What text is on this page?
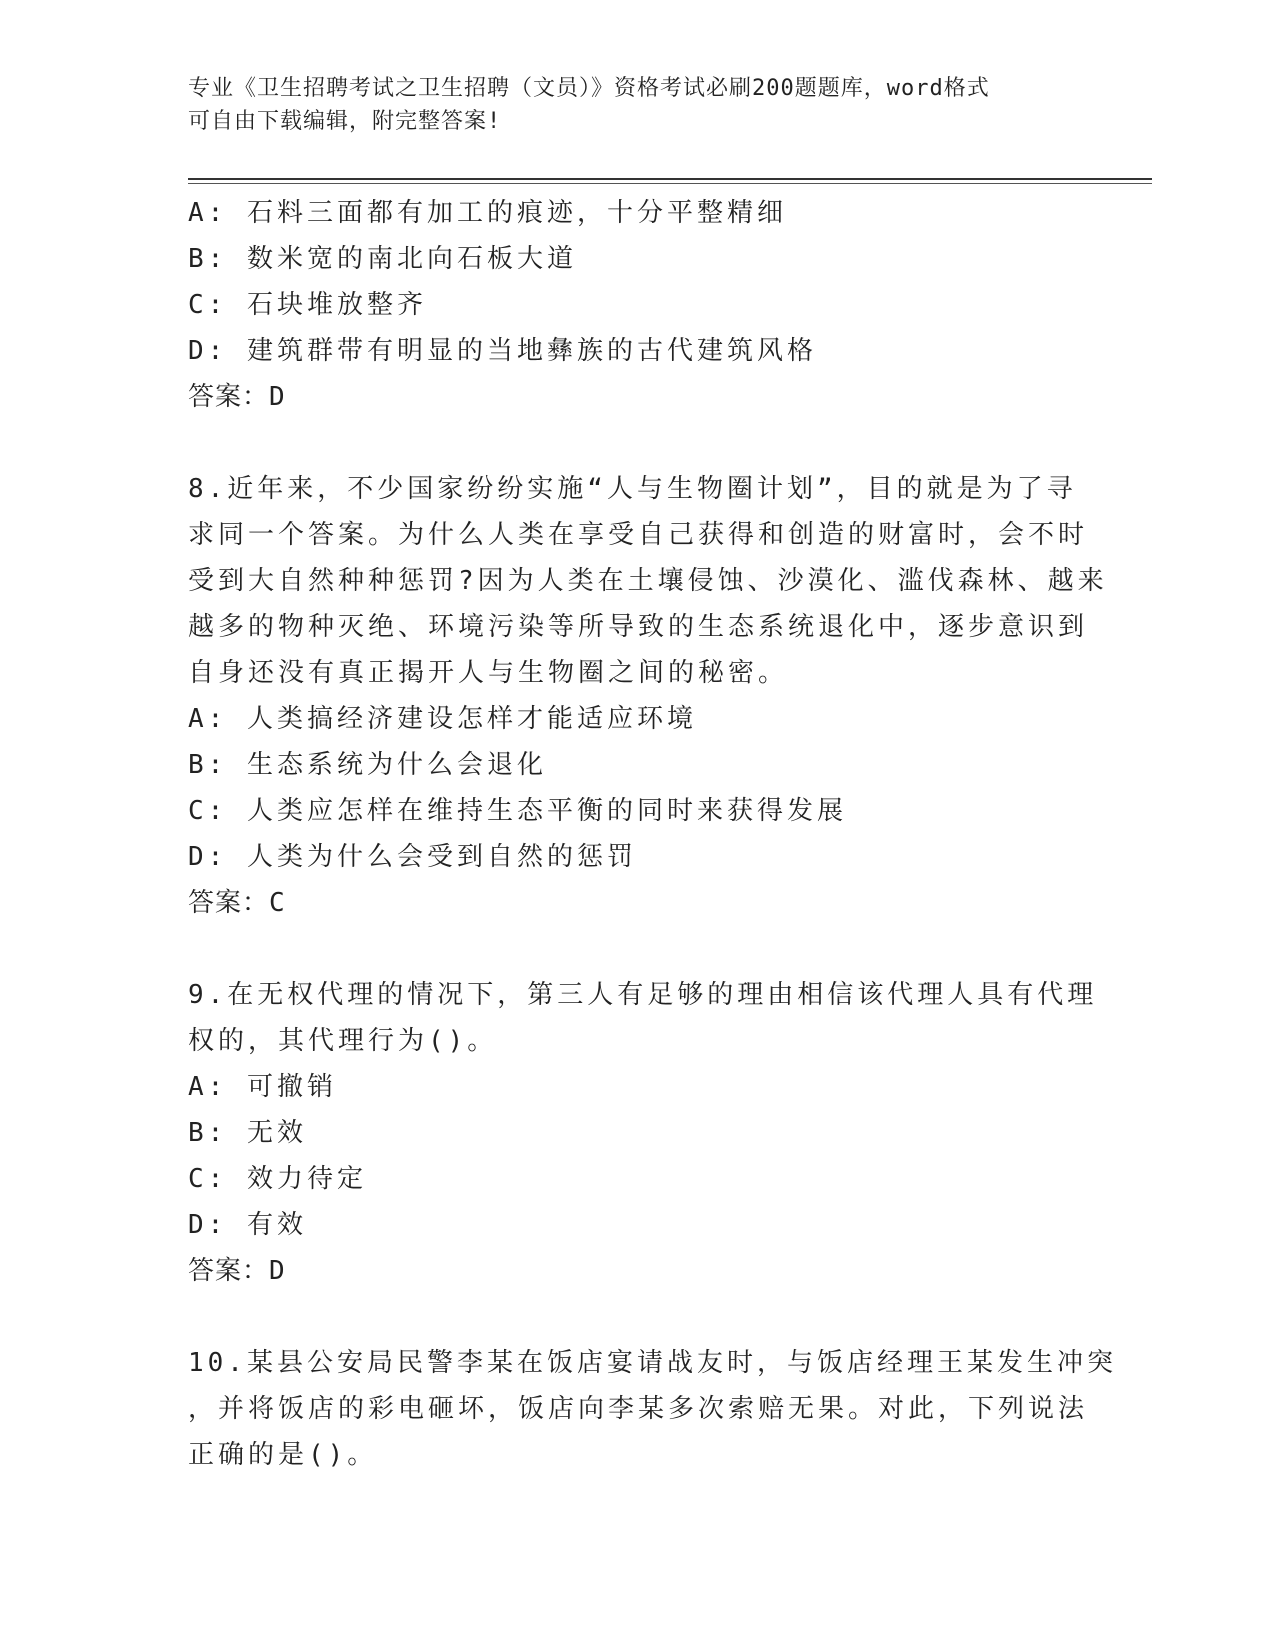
专业《卫生招聘考试之卫生招聘（文员）》资格考试必刷200题题库，word格式
可自由下载编辑，附完整答案!
A: 石料三面都有加工的痕迹，十分平整精细
B: 数米宽的南北向石板大道
C: 石块堆放整齐
D: 建筑群带有明显的当地彝族的古代建筑风格
答案：D
8.近年来，不少国家纷纷实施“人与生物圈计划”，目的就是为了寻
求同一个答案。为什么人类在享受自己获得和创造的财富时，会不时
受到大自然种种惩罚?因为人类在土壤侵蚀、沙漠化、滥伐森林、越来
越多的物种灭绝、环境污染等所导致的生态系统退化中，逐步意识到
自身还没有真正揭开人与生物圈之间的秘密。
A: 人类搞经济建设怎样才能适应环境
B: 生态系统为什么会退化
C: 人类应怎样在维持生态平衡的同时来获得发展
D: 人类为什么会受到自然的惩罚
答案：C
9.在无权代理的情况下，第三人有足够的理由相信该代理人具有代理
权的，其代理行为()。
A: 可撤销
B: 无效
C: 效力待定
D: 有效
答案：D
10.某县公安局民警李某在饭店宴请战友时，与饭店经理王某发生冲突
，并将饭店的彩电砸坏，饭店向李某多次索赔无果。对此，下列说法
正确的是()。
